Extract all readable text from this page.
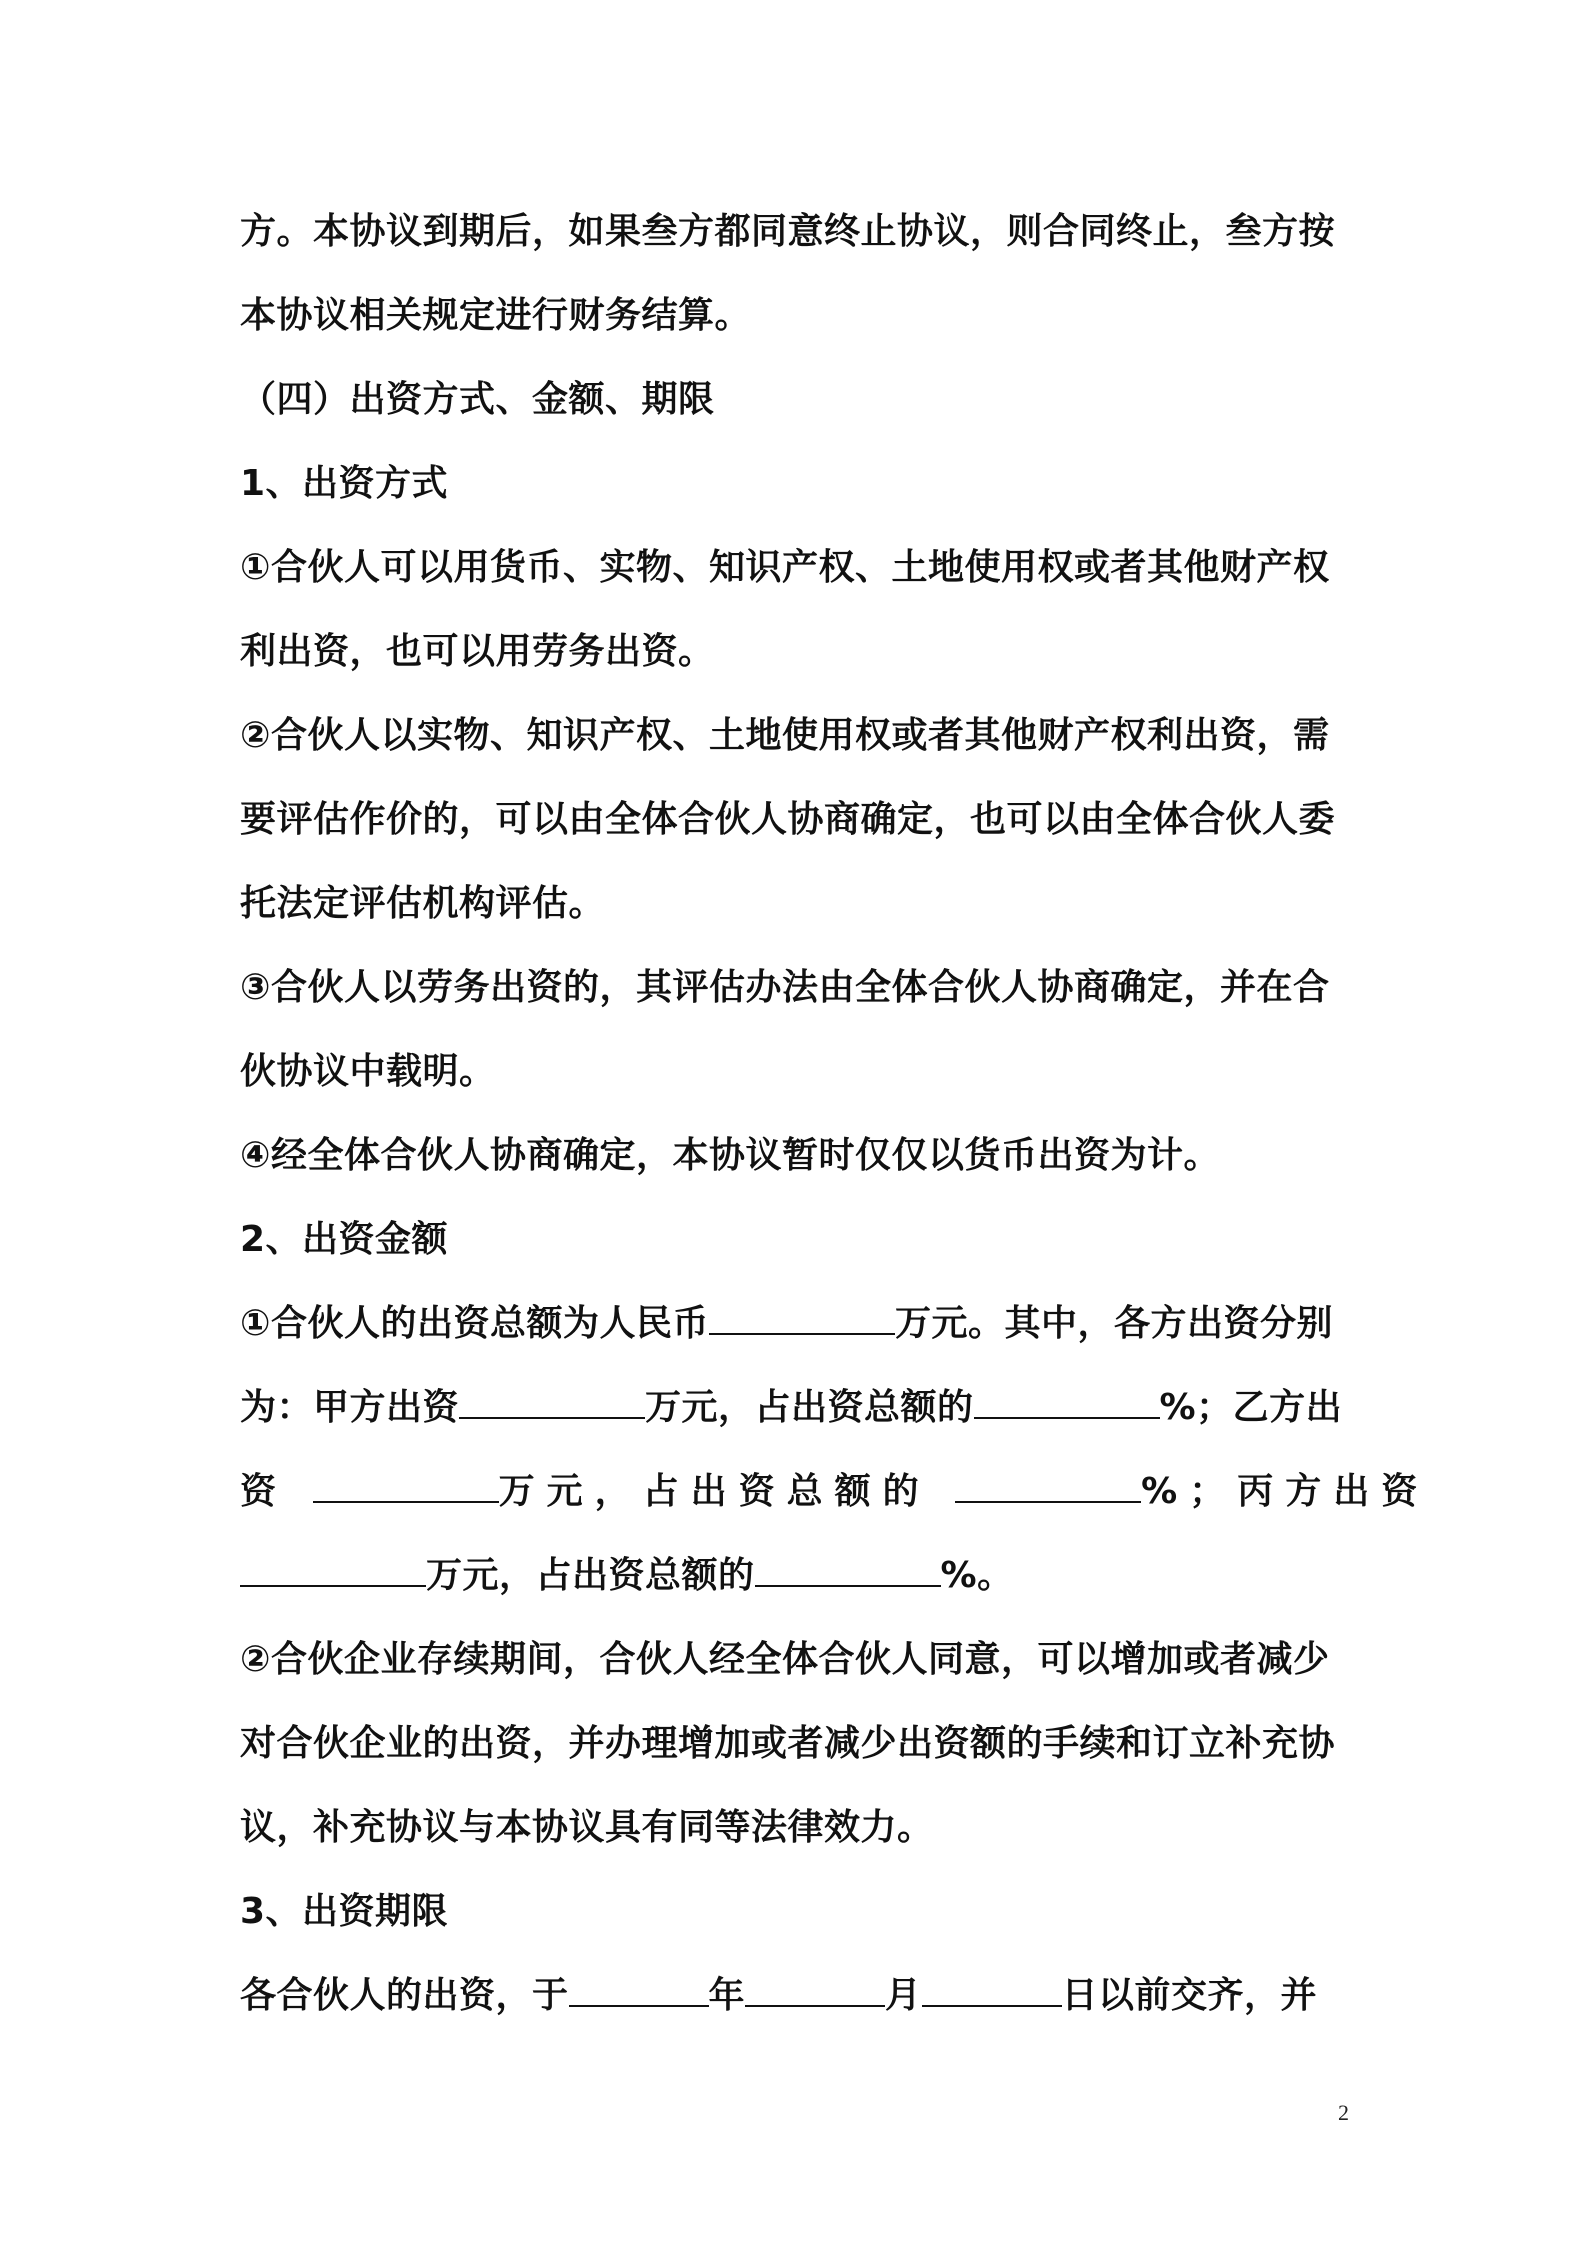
方。本协议到期后，如果叁方都同意终止协议，则合同终止，叁方按
本协议相关规定进行财务结算。
（四）出资方式、金额、期限
1、出资方式
①合伙人可以用货币、实物、知识产权、土地使用权或者其他财产权
利出资，也可以用劳务出资。
②合伙人以实物、知识产权、土地使用权或者其他财产权利出资，需
要评估作价的，可以由全体合伙人协商确定，也可以由全体合伙人委
托法定评估机构评估。
③合伙人以劳务出资的，其评估办法由全体合伙人协商确定，并在合
伙协议中载明。
④经全体合伙人协商确定，本协议暂时仅仅以货币出资为计。
2、出资金额
①合伙人的出资总额为人民币	万元。其中，各方出资分别
为：甲方出资	万元，占出资总额的	%；乙方出
资	万元，占出资总额的	%；丙方出资
万元，占出资总额的	%。
②合伙企业存续期间，合伙人经全体合伙人同意，可以增加或者减少
对合伙企业的出资，并办理增加或者减少出资额的手续和订立补充协
议，补充协议与本协议具有同等法律效力。
3、出资期限
各合伙人的出资，于	年	月	日以前交齐，并
2
